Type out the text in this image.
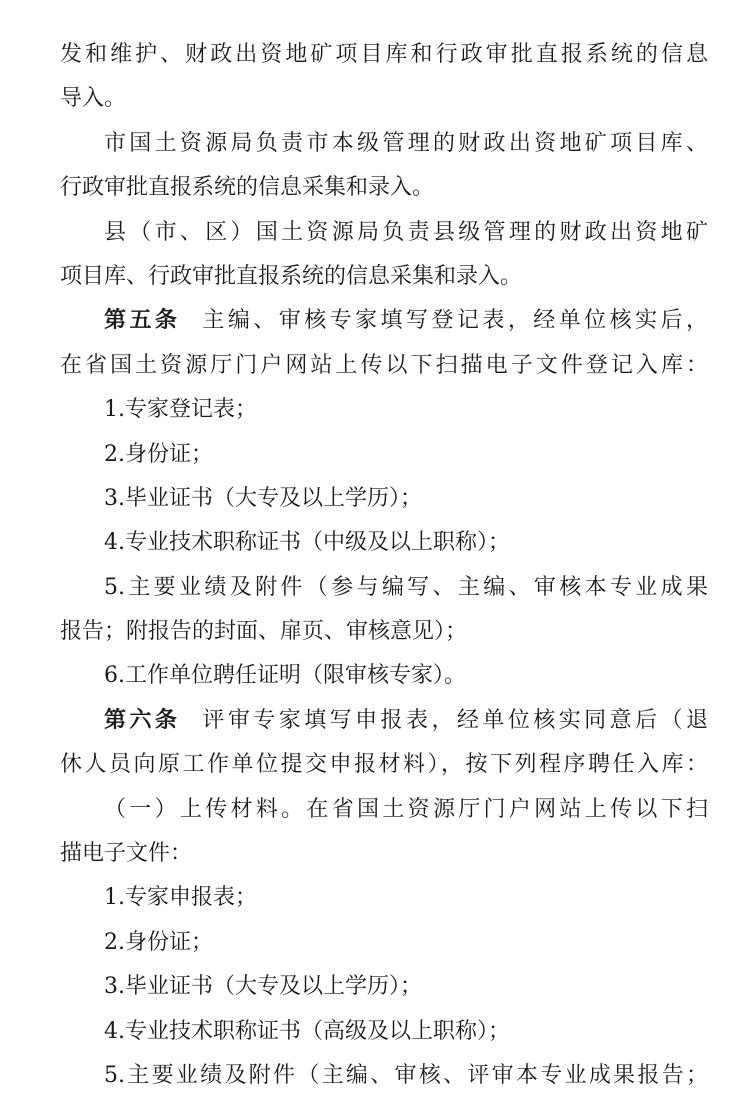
发和维护、财政出资地矿项目库和行政审批直报系统的信息
导入。
市国土资源局负责市本级管理的财政出资地矿项目库、
行政审批直报系统的信息采集和录入。
县（市、区）国土资源局负责县级管理的财政出资地矿
项目库、行政审批直报系统的信息采集和录入。
第五条 主编、审核专家填写登记表，经单位核实后，
在省国土资源厅门户网站上传以下扫描电子文件登记入库：
1.专家登记表；
2.身份证；
3.毕业证书（大专及以上学历）；
4.专业技术职称证书（中级及以上职称）；
5.主要业绩及附件（参与编写、主编、审核本专业成果
报告；附报告的封面、扉页、审核意见）；
6.工作单位聘任证明（限审核专家）。
第六条 评审专家填写申报表，经单位核实同意后（退
休人员向原工作单位提交申报材料），按下列程序聘任入库：
（一）上传材料。在省国土资源厅门户网站上传以下扫
描电子文件：
1.专家申报表；
2.身份证；
3.毕业证书（大专及以上学历）；
4.专业技术职称证书（高级及以上职称）；
5.主要业绩及附件（主编、审核、评审本专业成果报告；
